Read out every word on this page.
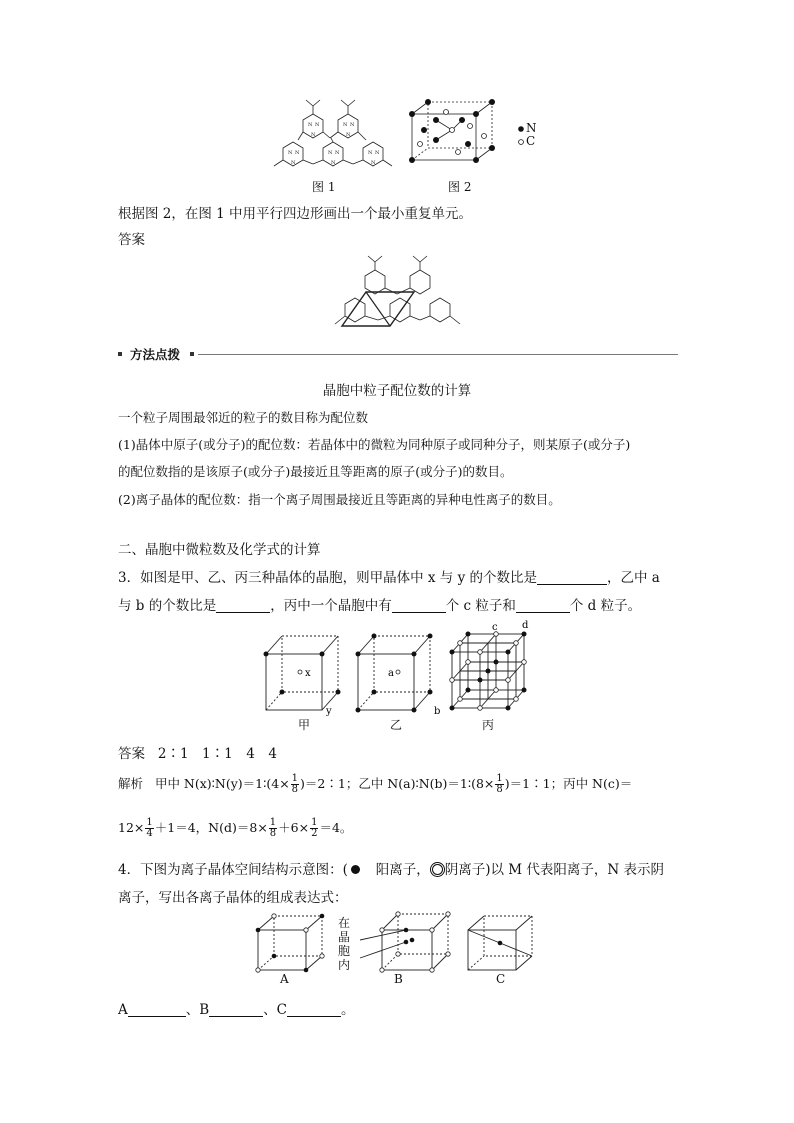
N N
N
N N
N
N N
N
N N
N
N N
N
图 1
N
C
图 2
根据图 2，在图 1 中用平行四边形画出一个最小重复单元。
答案
方法点拨
晶胞中粒子配位数的计算
一个粒子周围最邻近的粒子的数目称为配位数
(1)晶体中原子(或分子)的配位数：若晶体中的微粒为同种原子或同种分子，则某原子(或分子)
的配位数指的是该原子(或分子)最接近且等距离的原子(或分子)的数目。
(2)离子晶体的配位数：指一个离子周围最接近且等距离的异种电性离子的数目。
二、晶胞中微粒数及化学式的计算
3．如图是甲、乙、丙三种晶体的晶胞，则甲晶体中 x 与 y 的个数比是	，乙中 a
与 b 的个数比是	，丙中一个晶胞中有	个 c 粒子和	个 d 粒子。
x
y
a
b
c d
甲	乙	丙
答案 2∶1　1∶1　4　4
解析 甲中 N(x)∶N(y)＝1∶(4× $\frac{1}{8}$ )＝2∶1；乙中 N(a)∶N(b)＝1∶(8× $\frac{1}{8}$ )＝1∶1；丙中 N(c)＝
$12\times \frac{1}{4} +1=4$，$N(d)=8\times \frac{1}{8} +6\times \frac{1}{2} =4$。
4．下图为离子晶体空间结构示意图：( 阳离子， 阴离子)以 M 代表阳离子，N 表示阴
离子，写出各离子晶体的组成表达式：
A
在晶胞内
B	C
A	、B	、C	。
